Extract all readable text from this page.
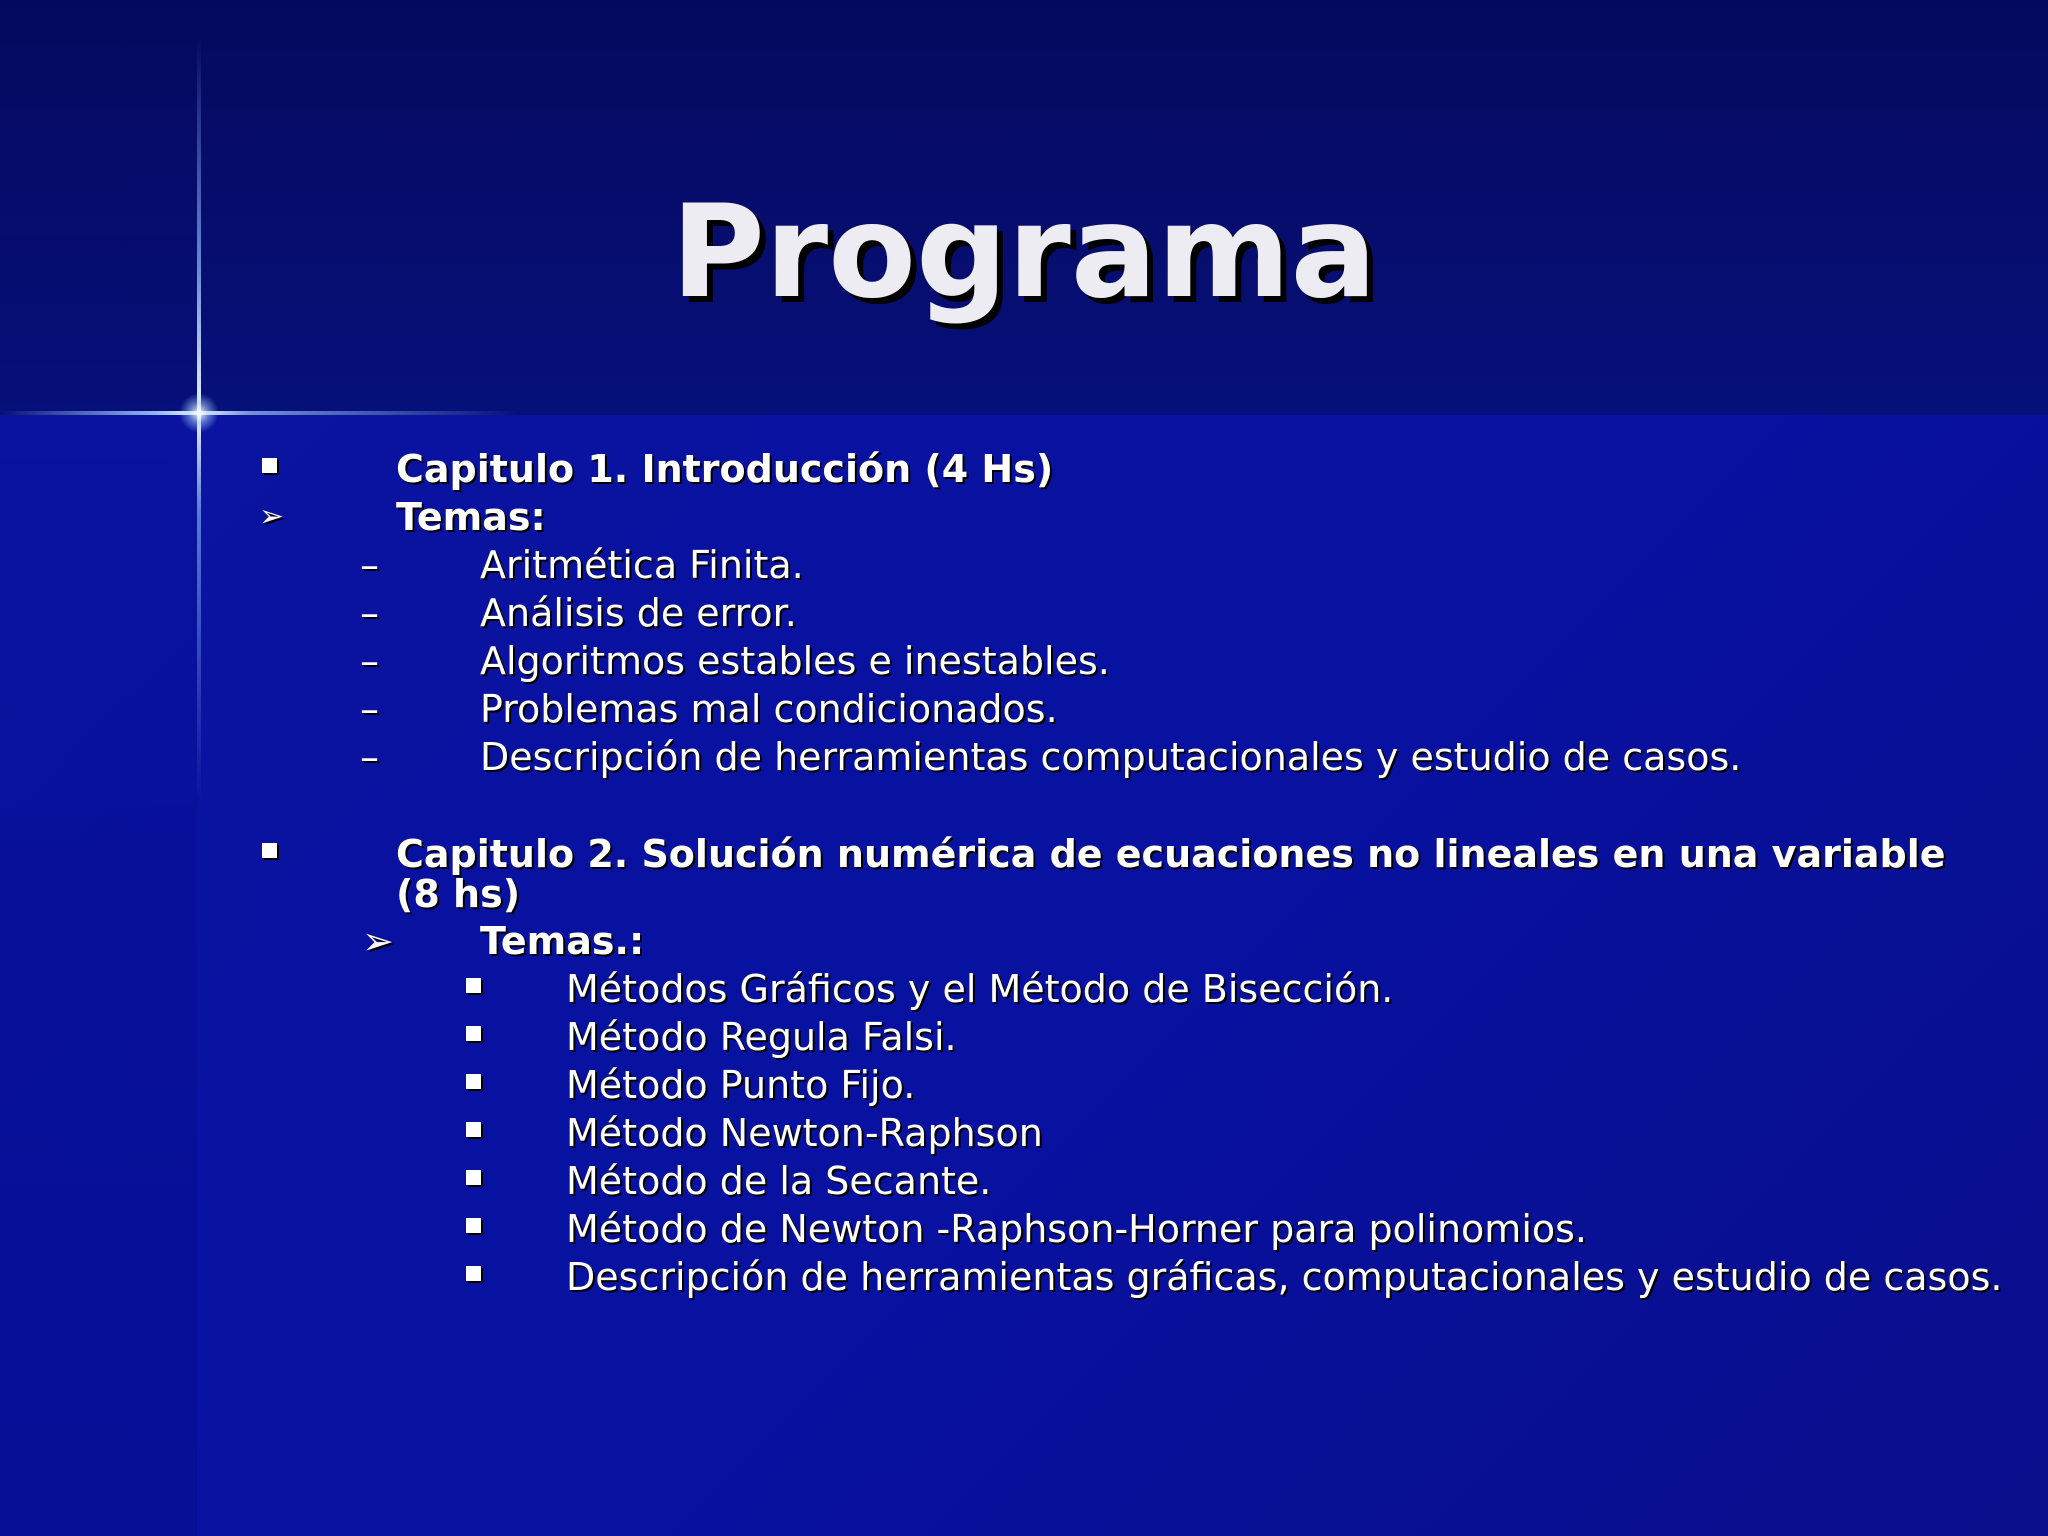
Programa
Capitulo 1. Introducción (4 Hs)
➢	Temas:
–	Aritmética Finita.
–	Análisis de error.
–	Algoritmos estables e inestables.
–	Problemas mal condicionados.
–	Descripción de herramientas computacionales y estudio de casos.
Capitulo 2. Solución numérica de ecuaciones no lineales en una variable
(8 hs)
➢ Temas.:
Métodos Gráficos y el Método de Bisección.
Método Regula Falsi.
Método Punto Fijo.
Método Newton-Raphson
Método de la Secante.
Método de Newton -Raphson-Horner para polinomios.
Descripción de herramientas gráficas, computacionales y estudio de casos.
